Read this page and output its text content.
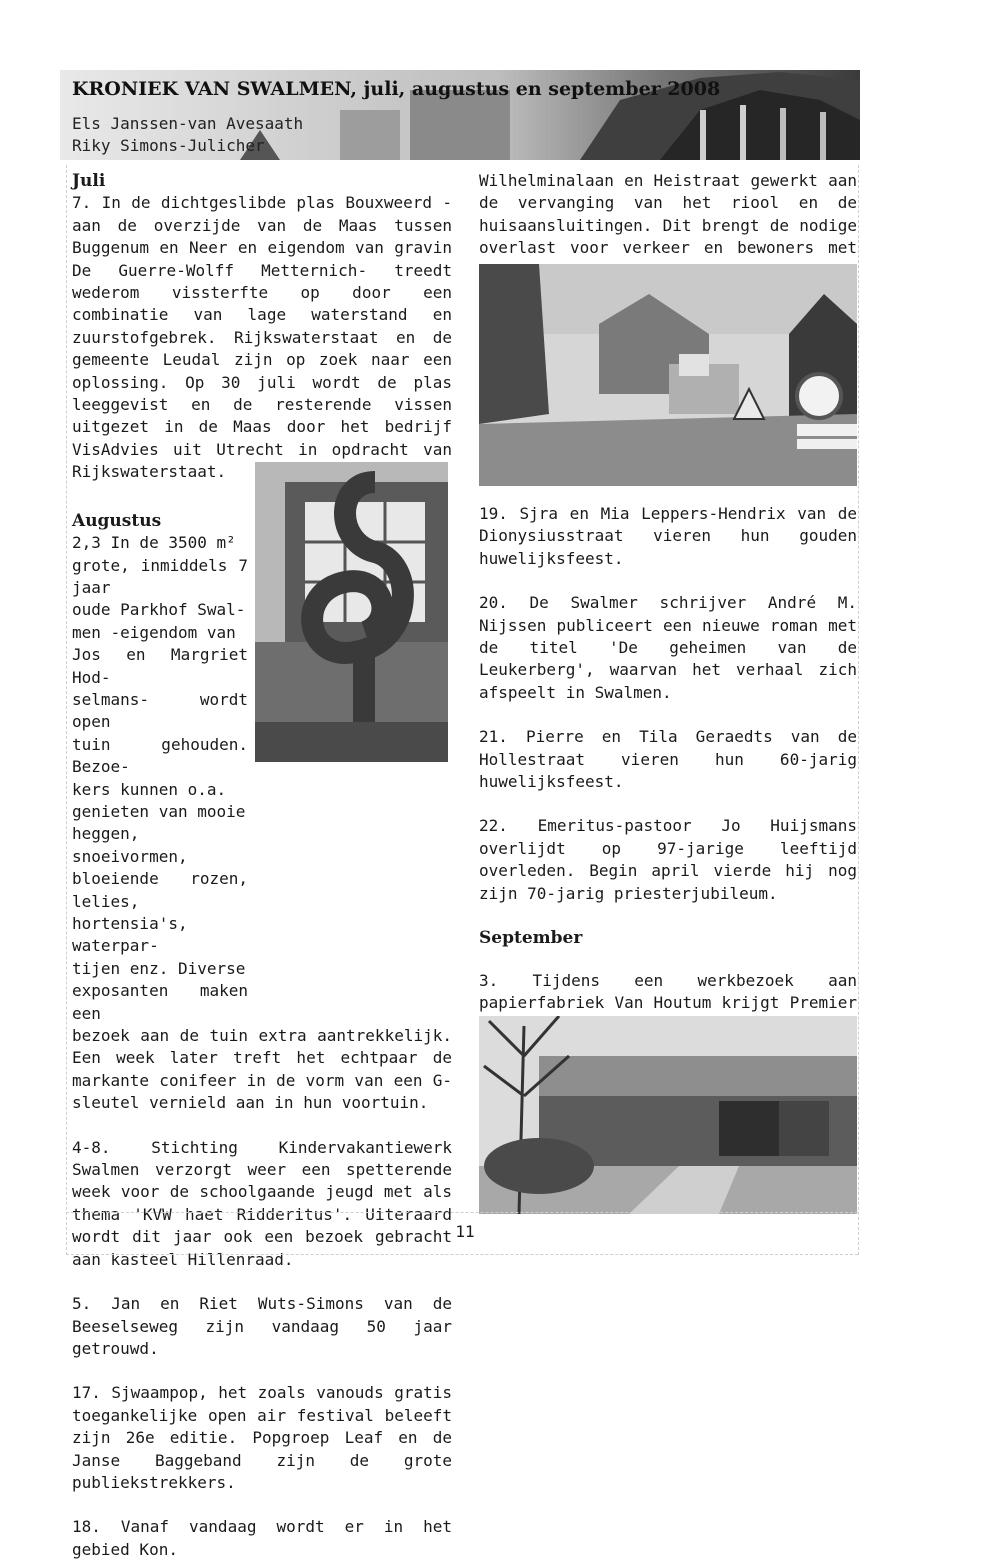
KRONIEK VAN SWALMEN, juli, augustus en september 2008
Els Janssen-van Avesaath
Riky Simons-Julicher
Juli

7. In de dichtgeslibde plas Bouxweerd -aan de overzijde van de Maas tussen Buggenum en Neer en eigendom van gravin De Guerre-Wolff Metternich- treedt wederom vissterfte op door een combinatie van lage waterstand en zuurstofgebrek. Rijkswaterstaat en de gemeente Leudal zijn op zoek naar een oplossing. Op 30 juli wordt de plas leeggevist en de resterende vissen uitgezet in de Maas door het bedrijf VisAdvies uit Utrecht in opdracht van Rijkswaterstaat.

Augustus
2,3 In de 3500 m²
grote, inmiddels 7 jaar
oude Parkhof Swal-
men -eigendom van
Jos en Margriet Hod-
selmans- wordt open
tuin gehouden. Bezoe-
kers kunnen o.a.
genieten van mooie
heggen, snoeivormen,
bloeiende rozen, lelies,
hortensia's, waterpar-
tijen enz. Diverse
exposanten maken een

bezoek aan de tuin extra aantrekkelijk. Een week later treft het echtpaar de markante conifeer in de vorm van een G-sleutel vernield aan in hun voortuin.

4-8. Stichting Kindervakantiewerk Swalmen verzorgt weer een spetterende week voor de schoolgaande jeugd met als thema 'KVW haet Ridderitus'. Uiteraard wordt dit jaar ook een bezoek gebracht aan kasteel Hillenraad.

5. Jan en Riet Wuts-Simons van de Beeselseweg zijn vandaag 50 jaar getrouwd.

17. Sjwaampop, het zoals vanouds gratis toegankelijke open air festival beleeft zijn 26e editie. Popgroep Leaf en de Janse Baggeband zijn de grote publiekstrekkers.

18. Vanaf vandaag wordt er in het gebied Kon.

Wilhelminalaan en Heistraat gewerkt aan de vervanging van het riool en de huisaansluitingen. Dit brengt de nodige overlast voor verkeer en bewoners met

19. Sjra en Mia Leppers-Hendrix van de Dionysiusstraat vieren hun gouden huwelijksfeest.

20. De Swalmer schrijver André M. Nijssen publiceert een nieuwe roman met de titel 'De geheimen van de Leukerberg', waarvan het verhaal zich afspeelt in Swalmen.

21. Pierre en Tila Geraedts van de Hollestraat vieren hun 60-jarig huwelijksfeest.

22. Emeritus-pastoor Jo Huijsmans overlijdt op 97-jarige leeftijd overleden. Begin april vierde hij nog zijn 70-jarig priesterjubileum.

September

3. Tijdens een werkbezoek aan papierfabriek Van Houtum krijgt Premier

11
